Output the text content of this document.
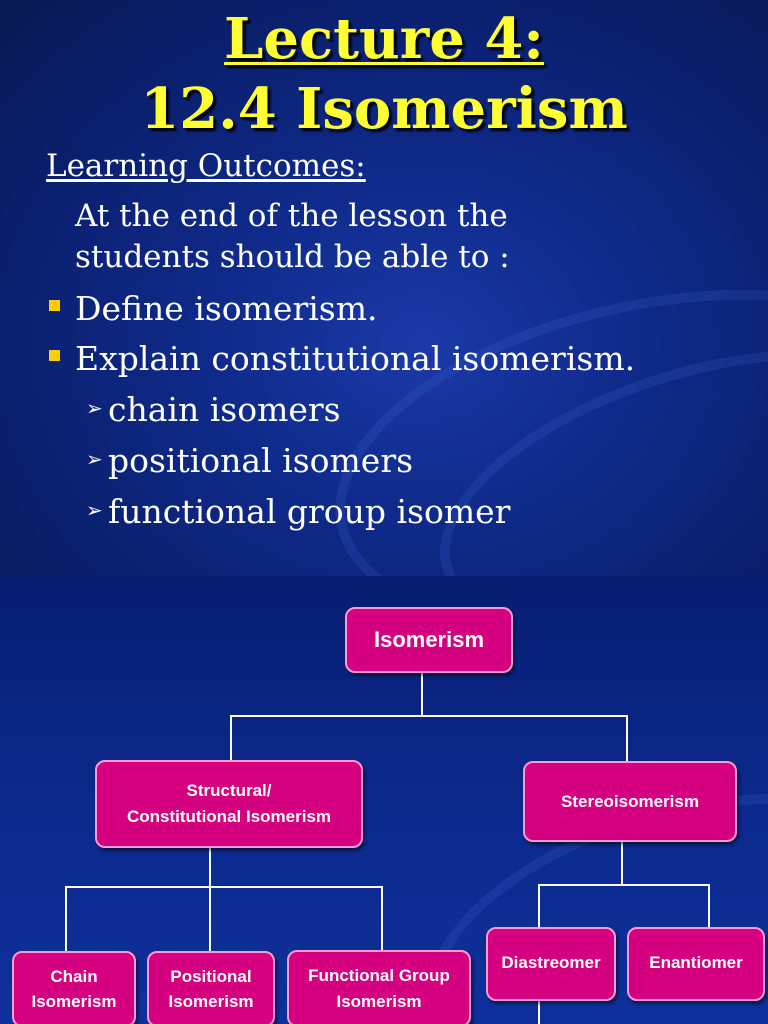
Lecture 4:
12.4 Isomerism
Learning Outcomes:
At the end of the lesson the
students should be able to :
Define isomerism.
Explain constitutional isomerism.
➢ chain isomers
➢ positional isomers
➢ functional group isomer
Isomerism
Structural/
Constitutional Isomerism
Stereoisomerism
Chain
Isomerism
Positional
Isomerism
Functional Group
Isomerism
Diastreomer	Enantiomer
